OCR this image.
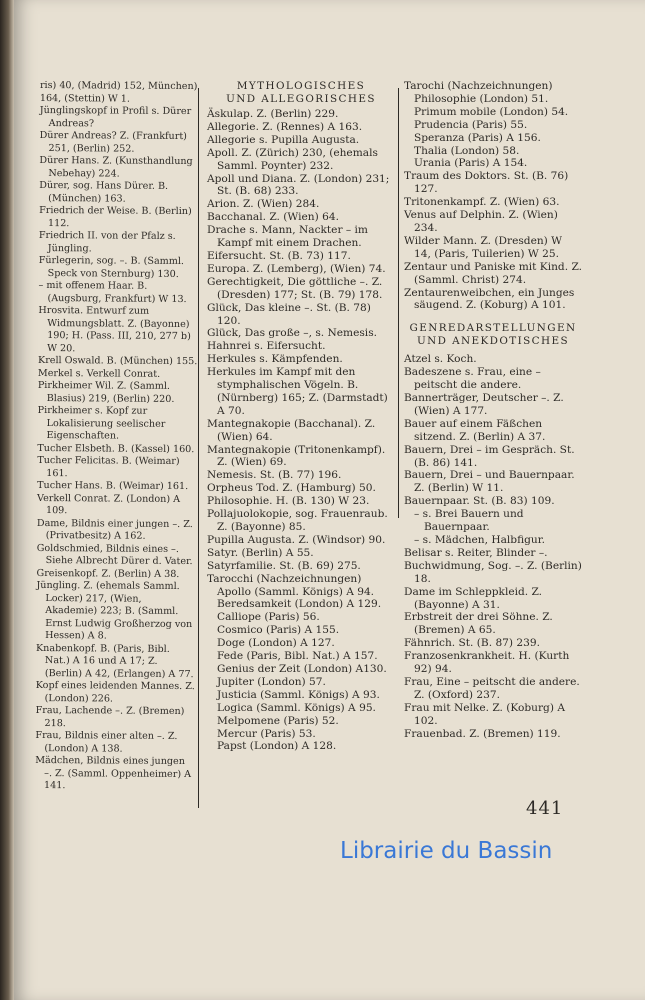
ris) 40, (Madrid) 152, München)
164, (Stettin) W 1.
Jünglingskopf in Profil s. Dürer Andreas?
Dürer Andreas? Z. (Frankfurt) 251, (Berlin) 252.
Dürer Hans. Z. (Kunsthandlung Nebehay) 224.
Dürer, sog. Hans Dürer. B. (München) 163.
Friedrich der Weise. B. (Berlin) 112.
Friedrich II. von der Pfalz s. Jüngling.
Fürlegerin, sog. –. B. (Samml. Speck von Sternburg) 130.
– mit offenem Haar. B. (Augsburg, Frankfurt) W 13.
Hrosvita. Entwurf zum Widmungsblatt. Z. (Bayonne) 190; H. (Pass. III, 210, 277 b) W 20.
Krell Oswald. B. (München) 155.
Merkel s. Verkell Conrat.
Pirkheimer Wil. Z. (Samml. Blasius) 219, (Berlin) 220.
Pirkheimer s. Kopf zur Lokalisierung seelischer Eigenschaften.
Tucher Elsbeth. B. (Kassel) 160.
Tucher Felicitas. B. (Weimar) 161.
Tucher Hans. B. (Weimar) 161.
Verkell Conrat. Z. (London) A 109.
Dame, Bildnis einer jungen –. Z. (Privatbesitz) A 162.
Goldschmied, Bildnis eines –. Siehe Albrecht Dürer d. Vater.
Greisenkopf. Z. (Berlin) A 38.
Jüngling. Z. (ehemals Samml. Locker) 217, (Wien, Akademie) 223; B. (Samml. Ernst Ludwig Großherzog von Hessen) A 8.
Knabenkopf. B. (Paris, Bibl. Nat.) A 16 und A 17; Z. (Berlin) A 42, (Erlangen) A 77.
Kopf eines leidenden Mannes. Z. (London) 226.
Frau, Lachende –. Z. (Bremen) 218.
Frau, Bildnis einer alten –. Z. (London) A 138.
Mädchen, Bildnis eines jungen –. Z. (Samml. Oppenheimer) A 141.
MYTHOLOGISCHES
UND ALLEGORISCHES
Äskulap. Z. (Berlin) 229.
Allegorie. Z. (Rennes) A 163.
Allegorie s. Pupilla Augusta.
Apoll. Z. (Zürich) 230, (ehemals Samml. Poynter) 232.
Apoll und Diana. Z. (London) 231; St. (B. 68) 233.
Arion. Z. (Wien) 284.
Bacchanal. Z. (Wien) 64.
Drache s. Mann, Nackter – im Kampf mit einem Drachen.
Eifersucht. St. (B. 73) 117.
Europa. Z. (Lemberg), (Wien) 74.
Gerechtigkeit, Die göttliche –. Z. (Dresden) 177; St. (B. 79) 178.
Glück, Das kleine –. St. (B. 78) 120.
Glück, Das große –, s. Nemesis.
Hahnrei s. Eifersucht.
Herkules s. Kämpfenden.
Herkules im Kampf mit den stymphalischen Vögeln. B. (Nürnberg) 165; Z. (Darmstadt) A 70.
Mantegnakopie (Bacchanal). Z. (Wien) 64.
Mantegnakopie (Tritonenkampf). Z. (Wien) 69.
Nemesis. St. (B. 77) 196.
Orpheus Tod. Z. (Hamburg) 50.
Philosophie. H. (B. 130) W 23.
Pollajuolokopie, sog. Frauenraub. Z. (Bayonne) 85.
Pupilla Augusta. Z. (Windsor) 90.
Satyr. (Berlin) A 55.
Satyrfamilie. St. (B. 69) 275.
Tarocchi (Nachzeichnungen)
Apollo (Samml. Königs) A 94.
Beredsamkeit (London) A 129.
Calliope (Paris) 56.
Cosmico (Paris) A 155.
Doge (London) A 127.
Fede (Paris, Bibl. Nat.) A 157.
Genius der Zeit (London) A130.
Jupiter (London) 57.
Justicia (Samml. Königs) A 93.
Logica (Samml. Königs) A 95.
Melpomene (Paris) 52.
Mercur (Paris) 53.
Papst (London) A 128.
Tarochi (Nachzeichnungen)
Philosophie (London) 51.
Primum mobile (London) 54.
Prudencia (Paris) 55.
Speranza (Paris) A 156.
Thalia (London) 58.
Urania (Paris) A 154.
Traum des Doktors. St. (B. 76) 127.
Tritonenkampf. Z. (Wien) 63.
Venus auf Delphin. Z. (Wien) 234.
Wilder Mann. Z. (Dresden) W 14, (Paris, Tuilerien) W 25.
Zentaur und Paniske mit Kind. Z. (Samml. Christ) 274.
Zentaurenweibchen, ein Junges säugend. Z. (Koburg) A 101.
GENREDARSTELLUNGEN
UND ANEKDOTISCHES
Atzel s. Koch.
Badeszene s. Frau, eine – peitscht die andere.
Bannerträger, Deutscher –. Z. (Wien) A 177.
Bauer auf einem Fäßchen sitzend. Z. (Berlin) A 37.
Bauern, Drei – im Gespräch. St. (B. 86) 141.
Bauern, Drei – und Bauernpaar. Z. (Berlin) W 11.
Bauernpaar. St. (B. 83) 109.
– s. Brei Bauern und Bauernpaar.
– s. Mädchen, Halbfigur.
Belisar s. Reiter, Blinder –.
Buchwidmung, Sog. –. Z. (Berlin) 18.
Dame im Schleppkleid. Z. (Bayonne) A 31.
Erbstreit der drei Söhne. Z. (Bremen) A 65.
Fähnrich. St. (B. 87) 239.
Franzosenkrankheit. H. (Kurth 92) 94.
Frau, Eine – peitscht die andere. Z. (Oxford) 237.
Frau mit Nelke. Z. (Koburg) A 102.
Frauenbad. Z. (Bremen) 119.
441
Librairie du Bassin
